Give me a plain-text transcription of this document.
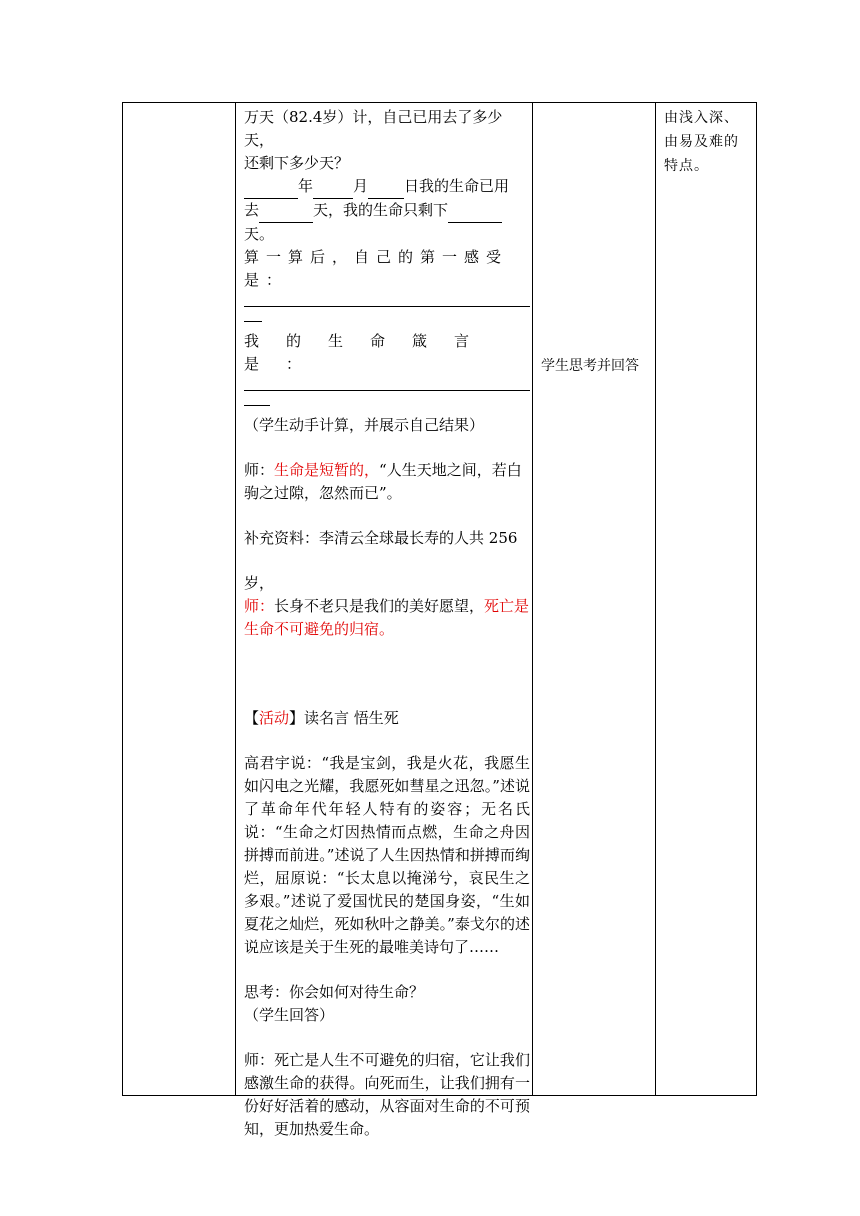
万天（82.4岁）计，自己已用去了多少天，

还剩下多少天？

年	月 日我的生命已用

去	天，我的生命只剩下 天。

算一算后，自己的第一感受是：

我的生命箴言是：

（学生动手计算，并展示自己结果）

师：生命是短暂的，“人生天地之间，若白驹之过隙，忽然而已”。

补充资料：李清云全球最长寿的人共 256

岁，

师：长身不老只是我们的美好愿望，死亡是生命不可避免的归宿。

【活动】读名言 悟生死

高君宇说：“我是宝剑，我是火花，我愿生如闪电之光耀，我愿死如彗星之迅忽。”述说了革命年代年轻人特有的姿容；无名氏说：“生命之灯因热情而点燃，生命之舟因拼搏而前进。”述说了人生因热情和拼搏而绚烂，屈原说：“长太息以掩涕兮，哀民生之多艰。”述说了爱国忧民的楚国身姿，“生如夏花之灿烂，死如秋叶之静美。”泰戈尔的述说应该是关于生死的最唯美诗句了……

思考：你会如何对待生命？

（学生回答）

师：死亡是人生不可避免的归宿，它让我们感激生命的获得。向死而生，让我们拥有一份好好活着的感动，从容面对生命的不可预知，更加热爱生命。

学生思考并回答
由浅入深、由易及难的特点。
